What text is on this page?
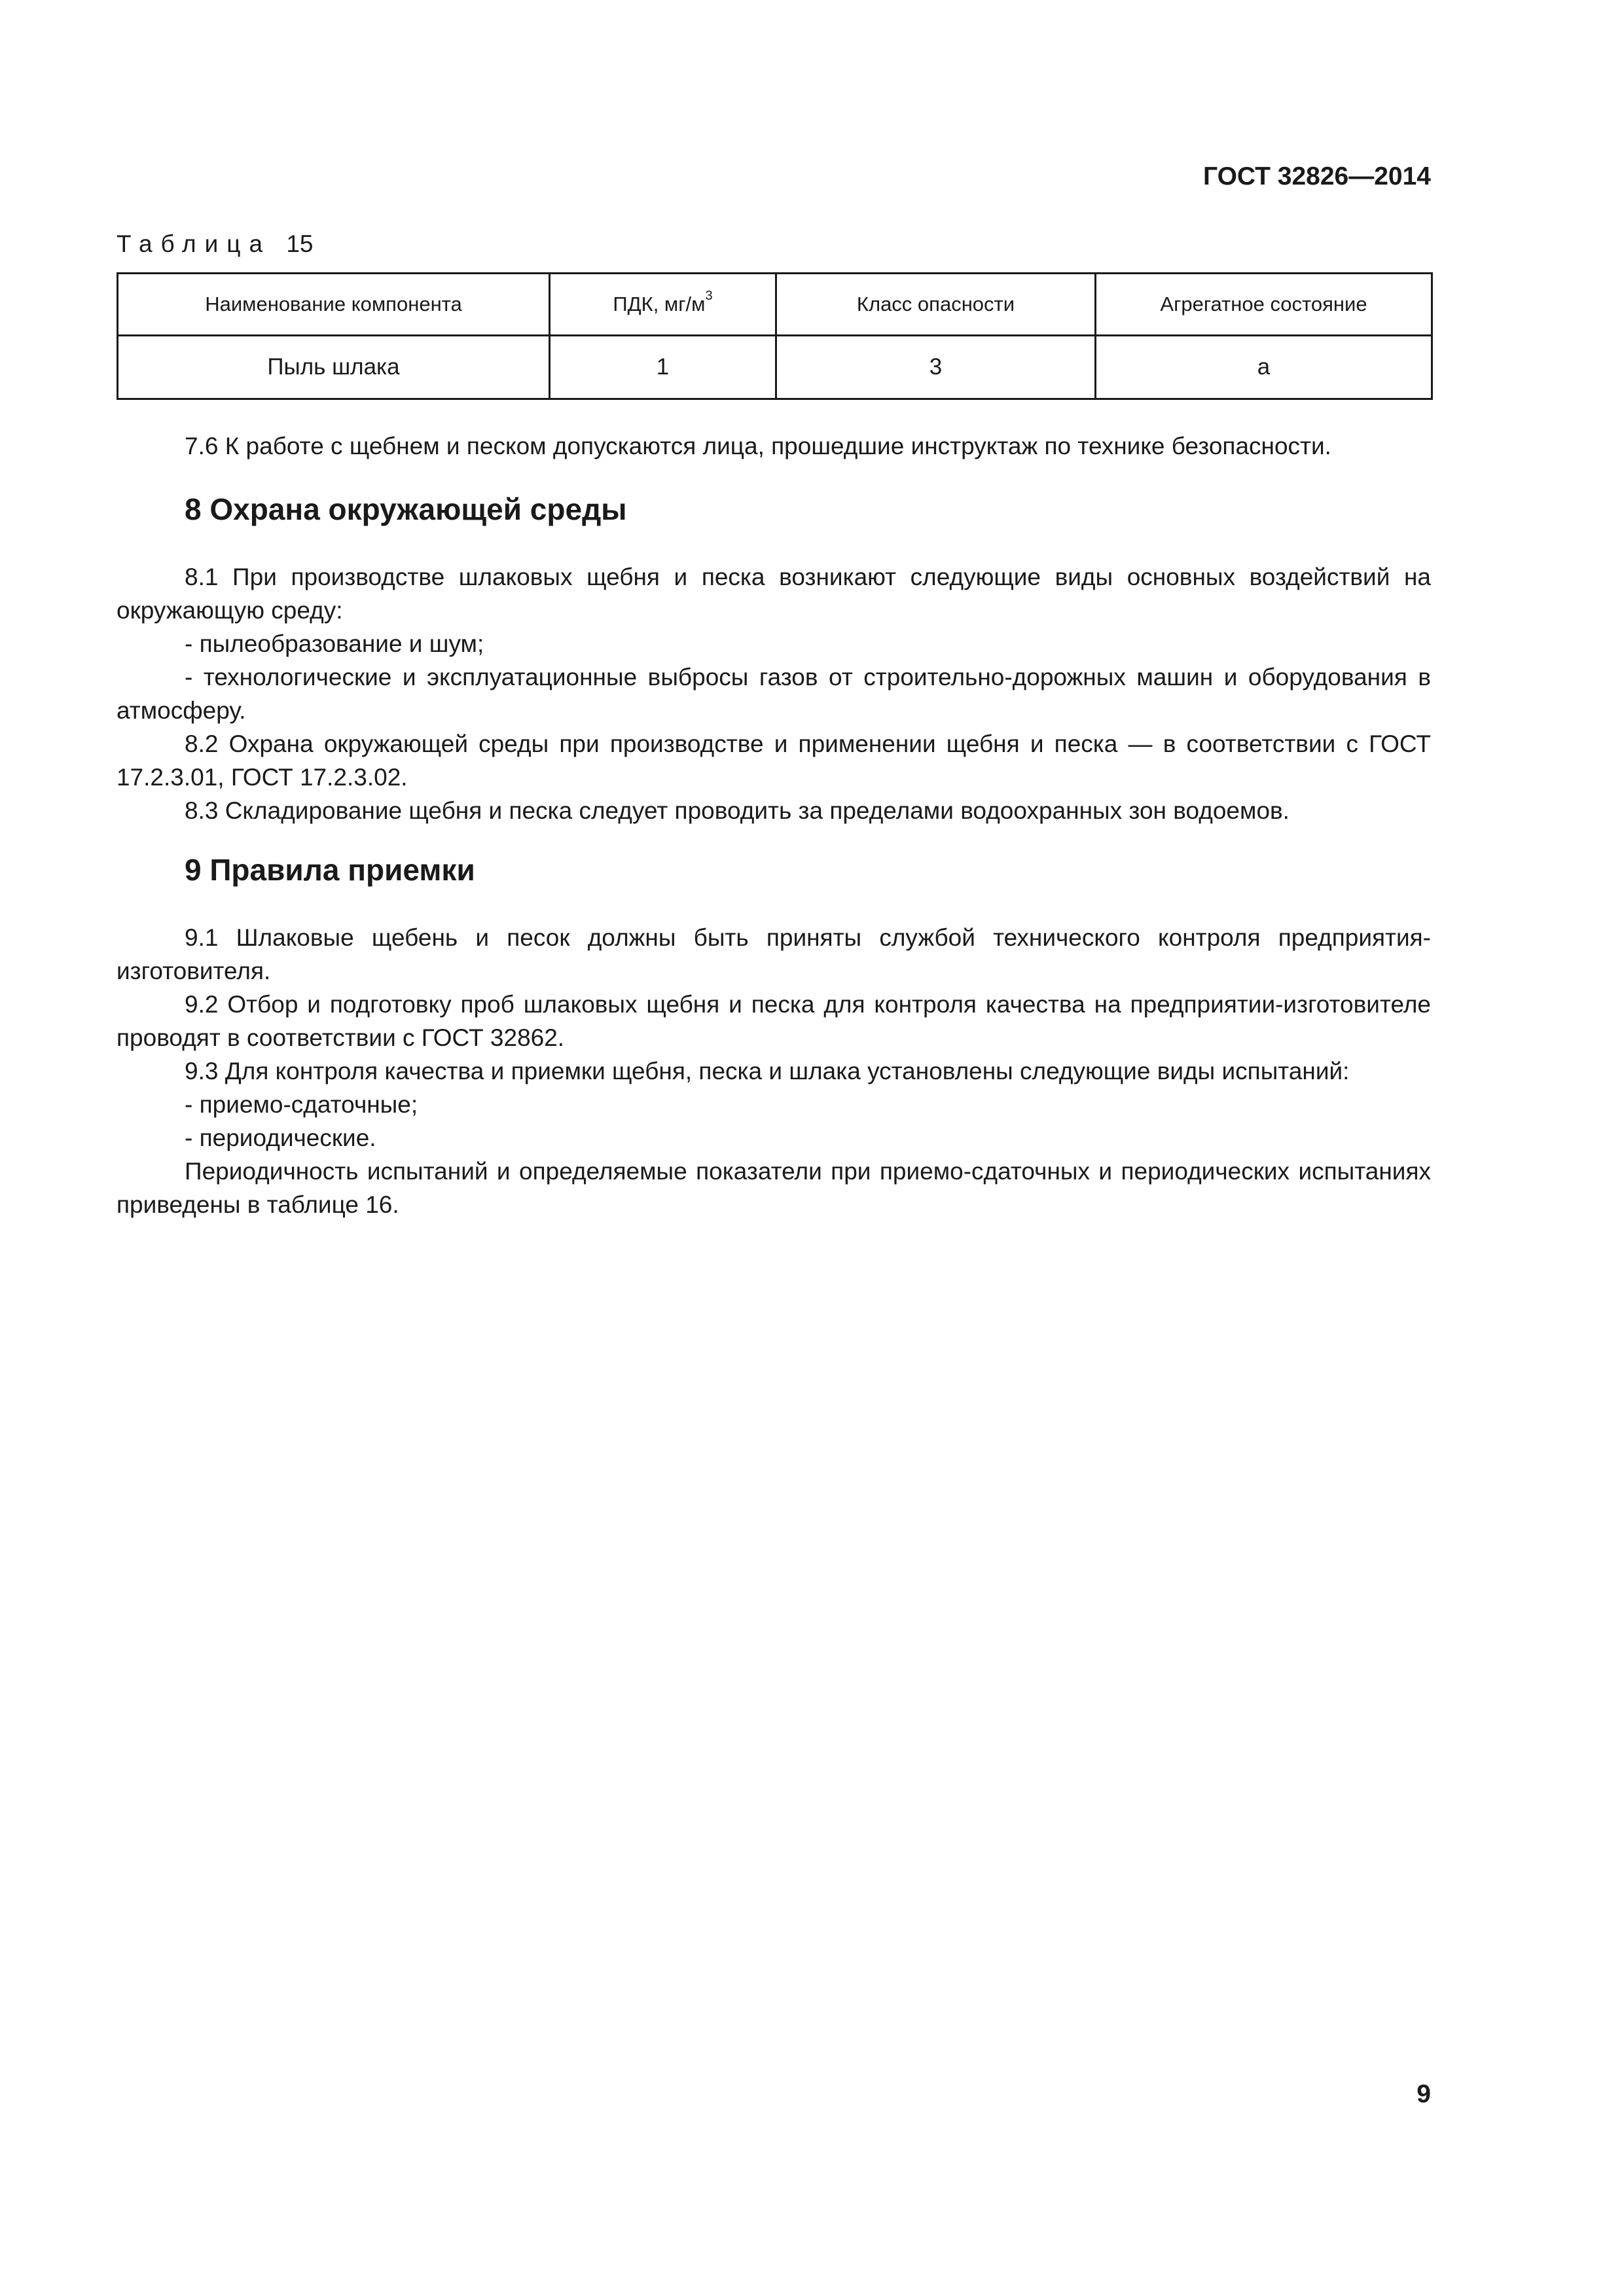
ГОСТ 32826—2014
Таблица 15
Наименование компонента	ПДК, $мг/м^3$	Класс опасности	Агрегатное состояние
Пыль шлака	1	3	а

7.6 К работе с щебнем и песком допускаются лица, прошедшие инструктаж по технике безопасности.

8 Охрана окружающей среды

8.1 При производстве шлаковых щебня и песка возникают следующие виды основных воздействий на окружающую среду:

- пылеобразование и шум;

- технологические и эксплуатационные выбросы газов от строительно-дорожных машин и оборудования в атмосферу.

8.2 Охрана окружающей среды при производстве и применении щебня и песка — в соответствии с ГОСТ 17.2.3.01, ГОСТ 17.2.3.02.

8.3 Складирование щебня и песка следует проводить за пределами водоохранных зон водоемов.

9 Правила приемки

9.1 Шлаковые щебень и песок должны быть приняты службой технического контроля предприятия-изготовителя.

9.2 Отбор и подготовку проб шлаковых щебня и песка для контроля качества на предприятии-изготовителе проводят в соответствии с ГОСТ 32862.

9.3 Для контроля качества и приемки щебня, песка и шлака установлены следующие виды испытаний:

- приемо-сдаточные;

- периодические.

Периодичность испытаний и определяемые показатели при приемо-сдаточных и периодических испытаниях приведены в таблице 16.

9
